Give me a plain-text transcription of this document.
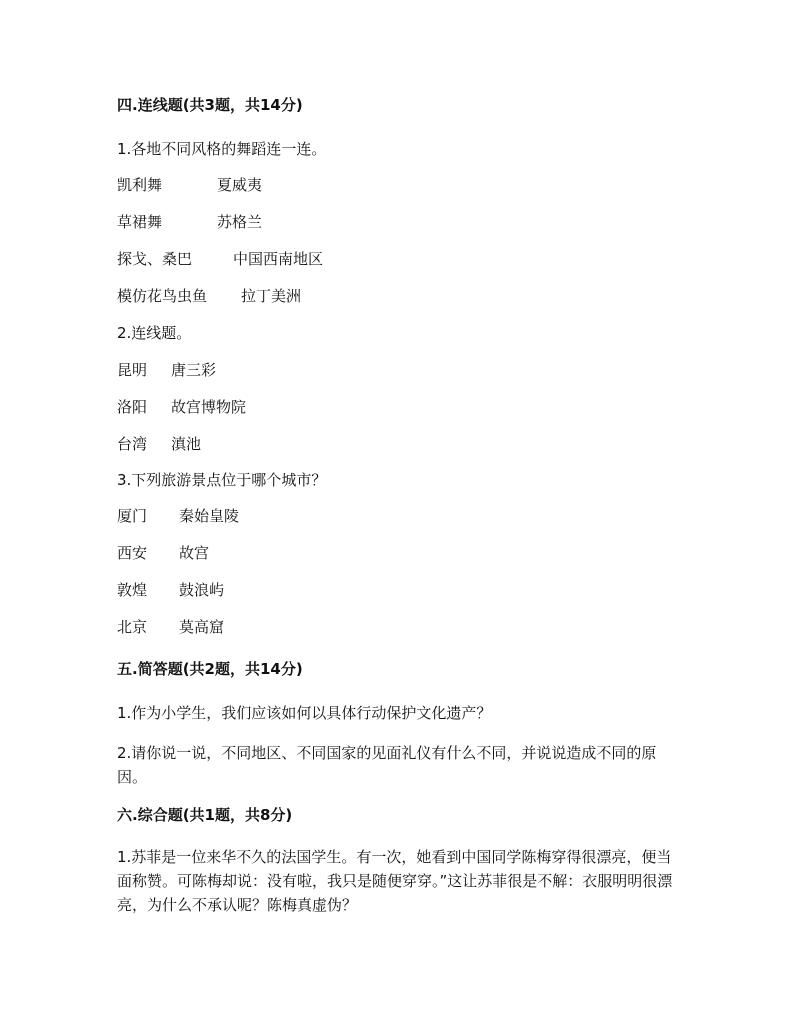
四.连线题(共3题，共14分)
1.各地不同风格的舞蹈连一连。
凯利舞	夏威夷
草裙舞	苏格兰
探戈、桑巴	中国西南地区
模仿花鸟虫鱼 拉丁美洲
2.连线题。
昆明 唐三彩
洛阳 故宫博物院
台湾 滇池
3.下列旅游景点位于哪个城市？
厦门 秦始皇陵
西安 故宫
敦煌 鼓浪屿
北京 莫高窟
五.简答题(共2题，共14分)
1.作为小学生，我们应该如何以具体行动保护文化遗产？
2.请你说一说，不同地区、不同国家的见面礼仪有什么不同，并说说造成不同的原因。
六.综合题(共1题，共8分)
1.苏菲是一位来华不久的法国学生。有一次，她看到中国同学陈梅穿得很漂亮，便当面称赞。可陈梅却说：没有啦，我只是随便穿穿。”这让苏菲很是不解：衣服明明很漂亮，为什么不承认呢？陈梅真虚伪？
